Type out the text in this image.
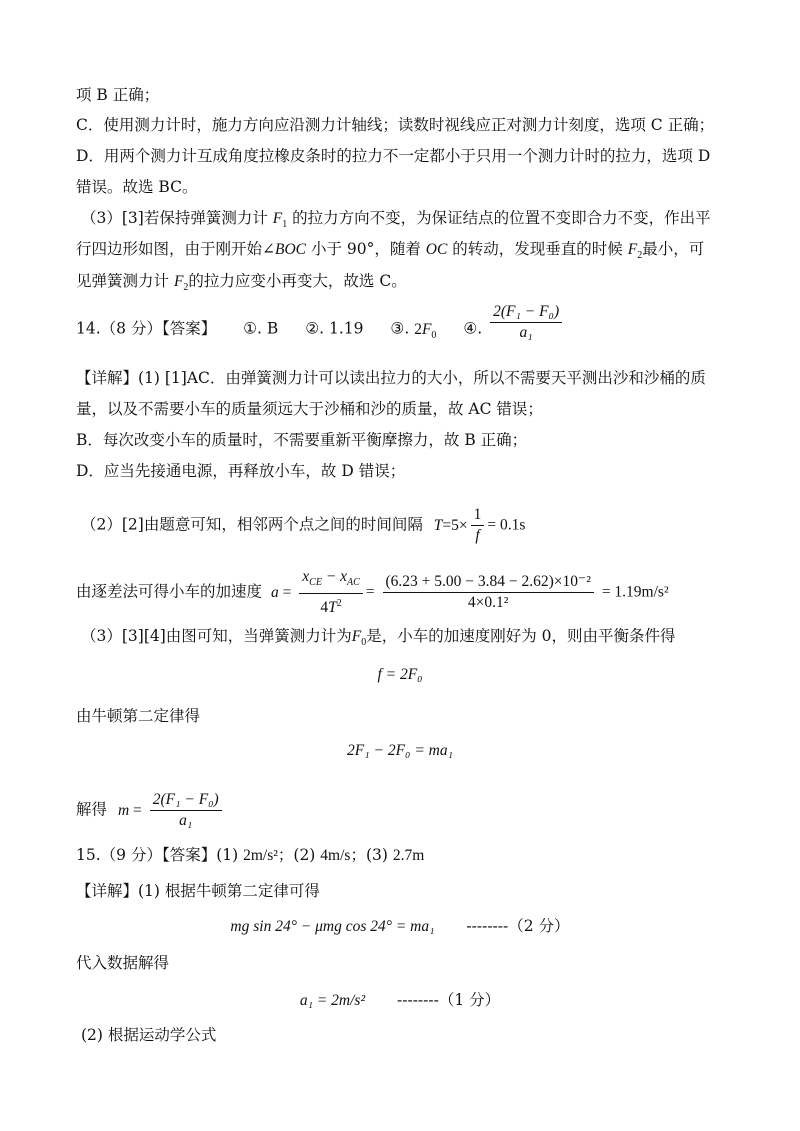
项 B 正确；
C．使用测力计时，施力方向应沿测力计轴线；读数时视线应正对测力计刻度，选项 C 正确；
D．用两个测力计互成角度拉橡皮条时的拉力不一定都小于只用一个测力计时的拉力，选项 D
错误。故选 BC。
（3）[3]若保持弹簧测力计 $F_1$ 的拉力方向不变，为保证结点的位置不变即合力不变，作出平
行四边形如图，由于刚开始∠BOC 小于 90°，随着 OC 的转动，发现垂直的时候 $F_2$最小，可
见弹簧测力计 $F_2$的拉力应变小再变大，故选 C。
14.（8 分）【答案】 ①. B ②. 1.19 ③. $2F_0$ ④. $\frac{\text{2(F₁ − F₀)}}{\text{a₁}}$
【详解】(1) [1]AC．由弹簧测力计可以读出拉力的大小，所以不需要天平测出沙和沙桶的质
量，以及不需要小车的质量须远大于沙桶和沙的质量，故 AC 错误；
B．每次改变小车的质量时，不需要重新平衡摩擦力，故 B 正确；
D．应当先接通电源，再释放小车，故 D 错误；
（2）[2]由题意可知，相邻两个点之间的时间间隔 $T=5\times \frac{1}{f} = 0.1s$
由逐差法可得小车的加速度 $a = \frac{x_{CE} - x_{AC}}{4T^2} = \frac{\text{(6.23 + 5.00 − 3.84 − 2.62)×10⁻²}}{\text{4×0.1²}} = 1.19m/s^2$
（3）[3][4]由图可知，当弹簧测力计为$F_0$是，小车的加速度刚好为 0，则由平衡条件得
f = 2F₀
由牛顿第二定律得
2F₁ − 2F₀ = ma₁
解得 $m = \frac{\text{2(F₁ − F₀)}}{\text{a₁}}$
15.（9 分）【答案】(1) 2m/s²；(2) 4m/s；(3) 2.7m
【详解】(1) 根据牛顿第二定律可得
mg sin 24° − μmg cos 24° = ma₁ --------（2 分）
代入数据解得
a₁ = 2m/s² --------（1 分）
(2) 根据运动学公式
